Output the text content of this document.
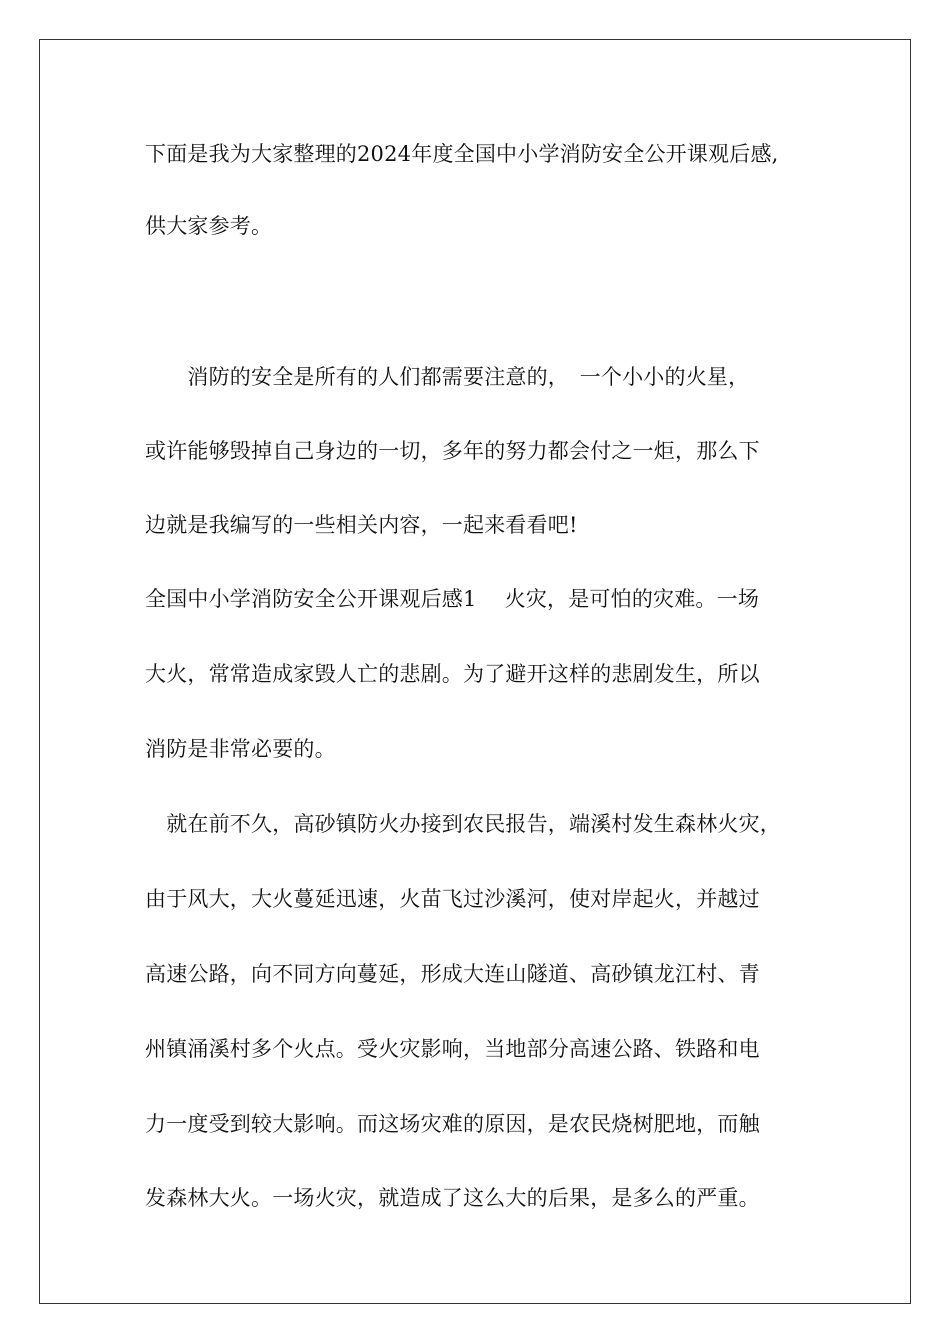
下面是我为大家整理的2024年度全国中小学消防安全公开课观后感,
供大家参考。
　　消防的安全是所有的人们都需要注意的，　一个小小的火星，
或许能够毁掉自己身边的一切，多年的努力都会付之一炬，那么下
边就是我编写的一些相关内容，一起来看看吧!
全国中小学消防安全公开课观后感1　 火灾，是可怕的灾难。一场
大火，常常造成家毁人亡的悲剧。为了避开这样的悲剧发生，所以
消防是非常必要的。
　就在前不久，高砂镇防火办接到农民报告，端溪村发生森林火灾，
由于风大，大火蔓延迅速，火苗飞过沙溪河，使对岸起火，并越过
高速公路，向不同方向蔓延，形成大连山隧道、高砂镇龙江村、青
州镇涌溪村多个火点。受火灾影响，当地部分高速公路、铁路和电
力一度受到较大影响。而这场灾难的原因，是农民烧树肥地，而触
发森林大火。一场火灾，就造成了这么大的后果，是多么的严重。
